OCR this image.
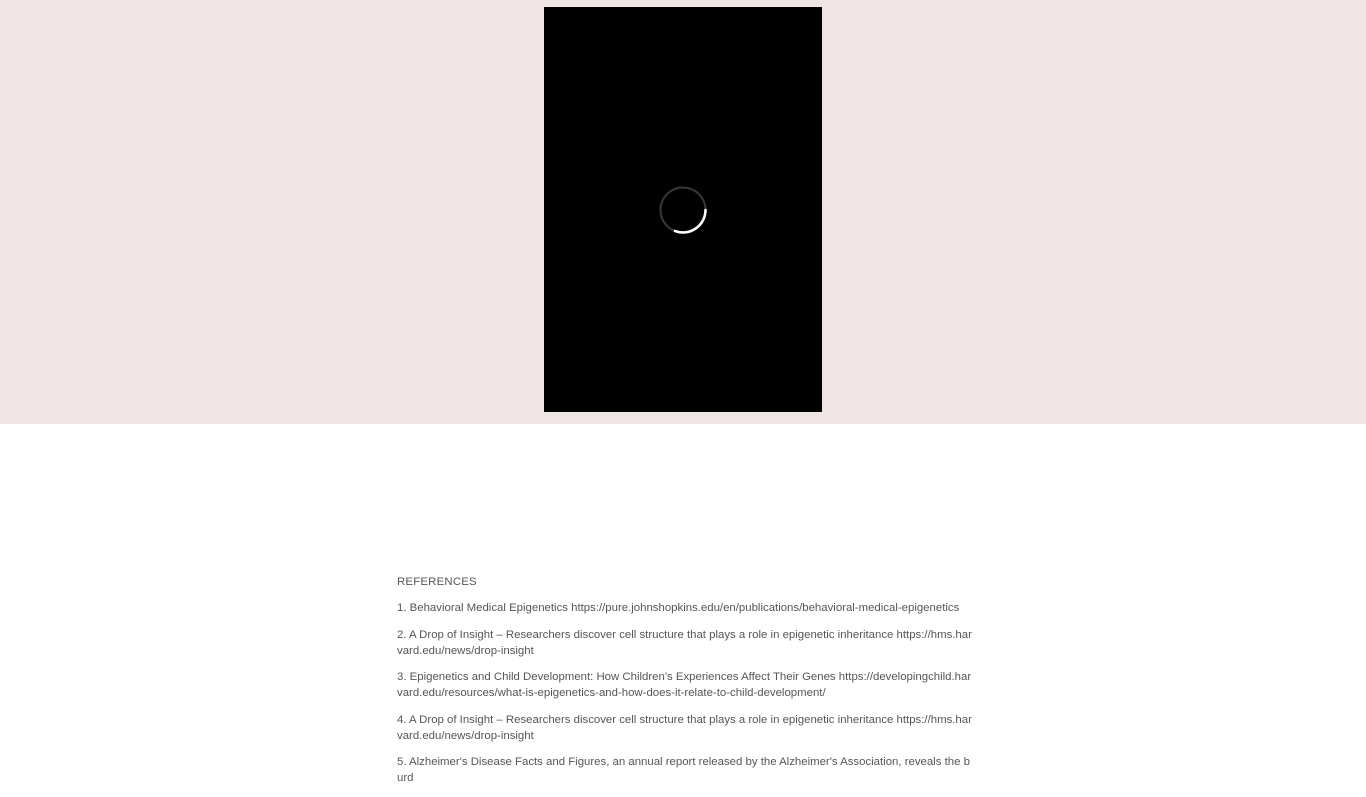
REFERENCES
1. Behavioral Medical Epigenetics https://pure.johnshopkins.edu/en/publications/behavioral-medical-epigenetics
2. A Drop of Insight – Researchers discover cell structure that plays a role in epigenetic inheritance https://hms.harvard.edu/news/drop-insight
3. Epigenetics and Child Development: How Children's Experiences Affect Their Genes https://developingchild.harvard.edu/resources/what-is-epigenetics-and-how-does-it-relate-to-child-development/
4. A Drop of Insight – Researchers discover cell structure that plays a role in epigenetic inheritance https://hms.harvard.edu/news/drop-insight
5. Alzheimer's Disease Facts and Figures, an annual report released by the Alzheimer's Association, reveals the burd
